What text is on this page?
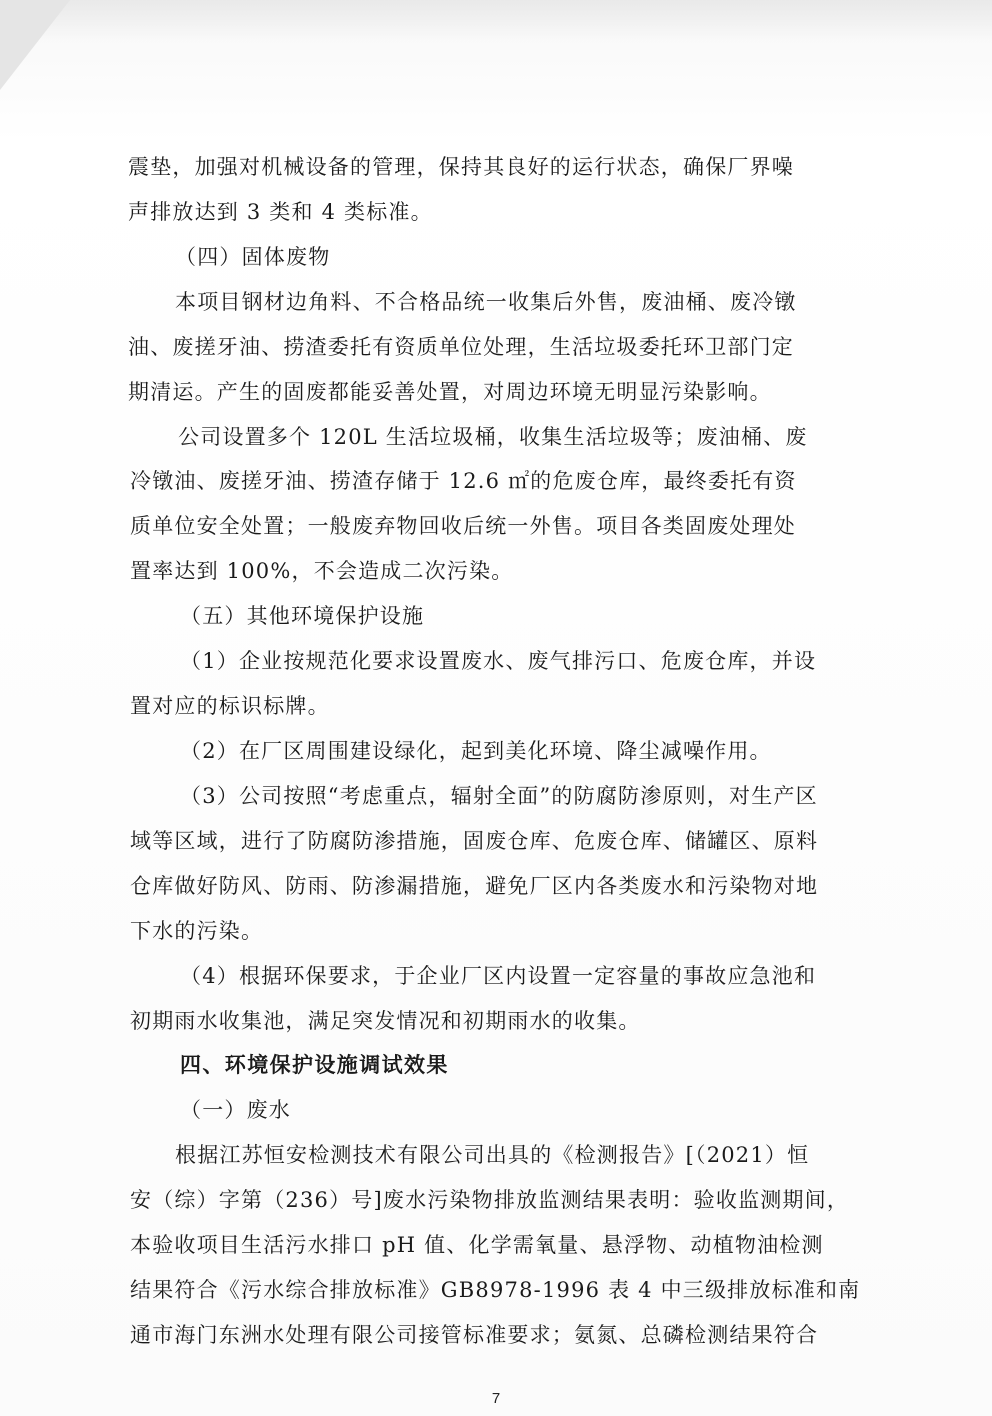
震垫，加强对机械设备的管理，保持其良好的运行状态，确保厂界噪
声排放达到 3 类和 4 类标准。
（四）固体废物
本项目钢材边角料、不合格品统一收集后外售，废油桶、废冷镦
油、废搓牙油、捞渣委托有资质单位处理，生活垃圾委托环卫部门定
期清运。产生的固废都能妥善处置，对周边环境无明显污染影响。
公司设置多个 120L 生活垃圾桶，收集生活垃圾等；废油桶、废
冷镦油、废搓牙油、捞渣存储于 12.6 ㎡的危废仓库，最终委托有资
质单位安全处置；一般废弃物回收后统一外售。项目各类固废处理处
置率达到 100%，不会造成二次污染。
（五）其他环境保护设施
（1）企业按规范化要求设置废水、废气排污口、危废仓库，并设
置对应的标识标牌。
（2）在厂区周围建设绿化，起到美化环境、降尘减噪作用。
（3）公司按照“考虑重点，辐射全面”的防腐防渗原则，对生产区
域等区域，进行了防腐防渗措施，固废仓库、危废仓库、储罐区、原料
仓库做好防风、防雨、防渗漏措施，避免厂区内各类废水和污染物对地
下水的污染。
（4）根据环保要求，于企业厂区内设置一定容量的事故应急池和
初期雨水收集池，满足突发情况和初期雨水的收集。
四、环境保护设施调试效果
（一）废水
根据江苏恒安检测技术有限公司出具的《检测报告》[（2021）恒
安（综）字第（236）号]废水污染物排放监测结果表明：验收监测期间，
本验收项目生活污水排口 pH 值、化学需氧量、悬浮物、动植物油检测
结果符合《污水综合排放标准》GB8978-1996 表 4 中三级排放标准和南
通市海门东洲水处理有限公司接管标准要求；氨氮、总磷检测结果符合
7
